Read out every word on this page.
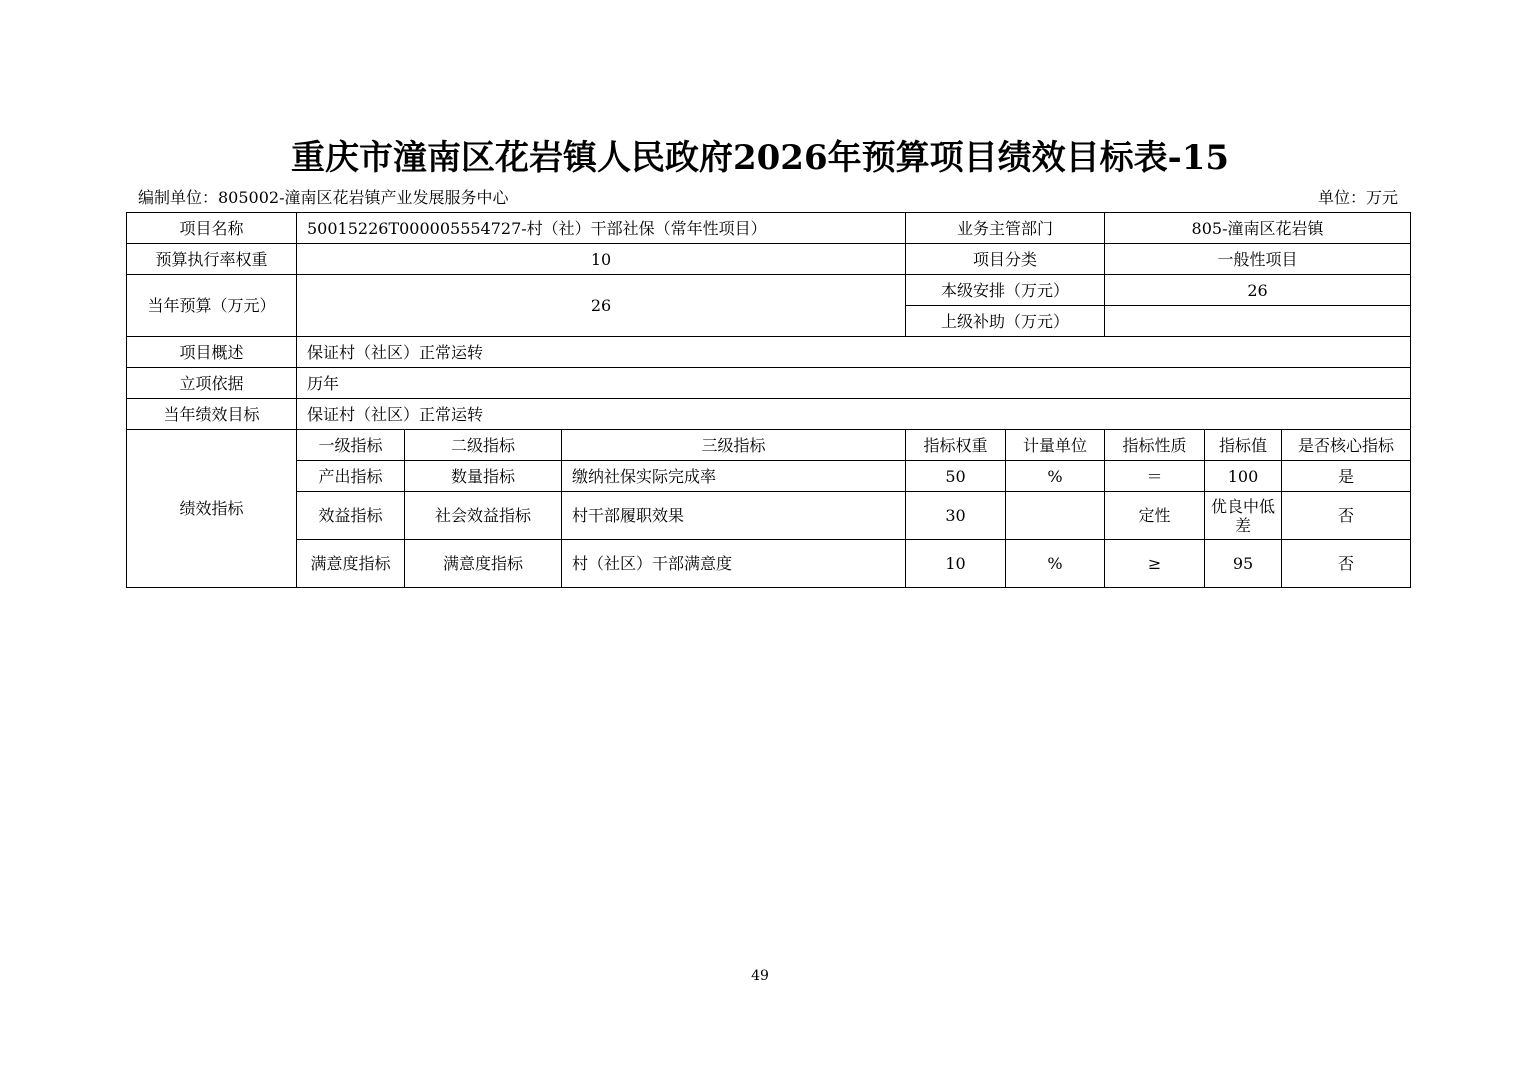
重庆市潼南区花岩镇人民政府2026年预算项目绩效目标表-15
编制单位：805002-潼南区花岩镇产业发展服务中心	单位：万元
项目名称	50015226T000005554727-村（社）干部社保（常年性项目）			业务主管部门		805-潼南区花岩镇		
预算执行率权重	10			项目分类		一般性项目		
当年预算（万元）	26			本级安排（万元）		26		
				上级补助（万元）				
项目概述	保证村（社区）正常运转							
立项依据	历年							
当年绩效目标	保证村（社区）正常运转							
绩效指标	一级指标	二级指标	三级指标	指标权重	计量单位	指标性质	指标值	是否核心指标
	产出指标	数量指标	缴纳社保实际完成率	50	%	＝	100	是
	效益指标	社会效益指标	村干部履职效果	30		定性	优良中低差	否
	满意度指标	满意度指标	村（社区）干部满意度	10	%	≥	95	否
49
